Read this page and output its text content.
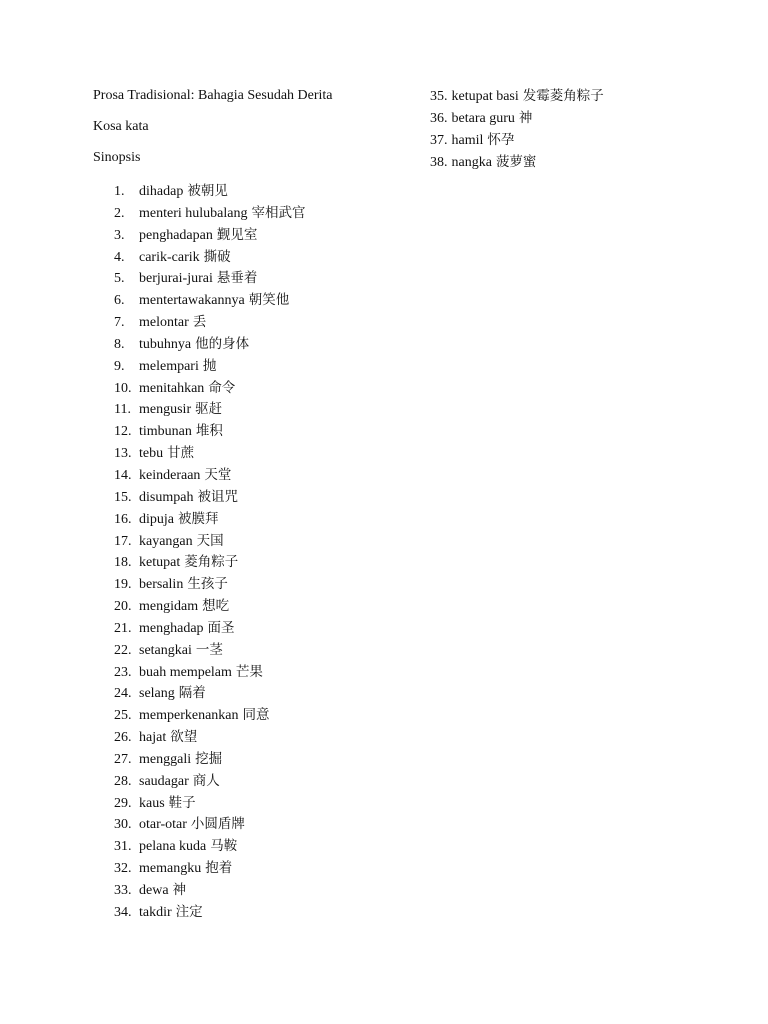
Prosa Tradisional: Bahagia Sesudah Derita
Kosa kata
Sinopsis
1.	dihadap 被朝见
2.	menteri hulubalang 宰相武官
3.	penghadapan 觐见室
4.	carik-carik 撕破
5.	berjurai-jurai 悬垂着
6.	mentertawakannya 朝笑他
7.	melontar 丢
8.	tubuhnya 他的身体
9.	melempari 抛
10. menitahkan 命令
11. mengusir 驱赶
12. timbunan 堆积
13. tebu 甘蔗
14. keinderaan 天堂
15. disumpah 被诅咒
16. dipuja 被膜拜
17. kayangan 天国
18. ketupat 菱角粽子
19. bersalin 生孩子
20. mengidam 想吃
21. menghadap 面圣
22. setangkai 一茎
23. buah mempelam 芒果
24. selang 隔着
25. memperkenankan 同意
26. hajat 欲望
27. menggali 挖掘
28. saudagar 商人
29. kaus 鞋子
30. otar-otar 小圆盾牌
31. pelana kuda 马鞍
32. memangku 抱着
33. dewa 神
34. takdir 注定
35. ketupat basi 发霉菱角粽子
36. betara guru 神
37. hamil 怀孕
38. nangka 菠萝蜜
